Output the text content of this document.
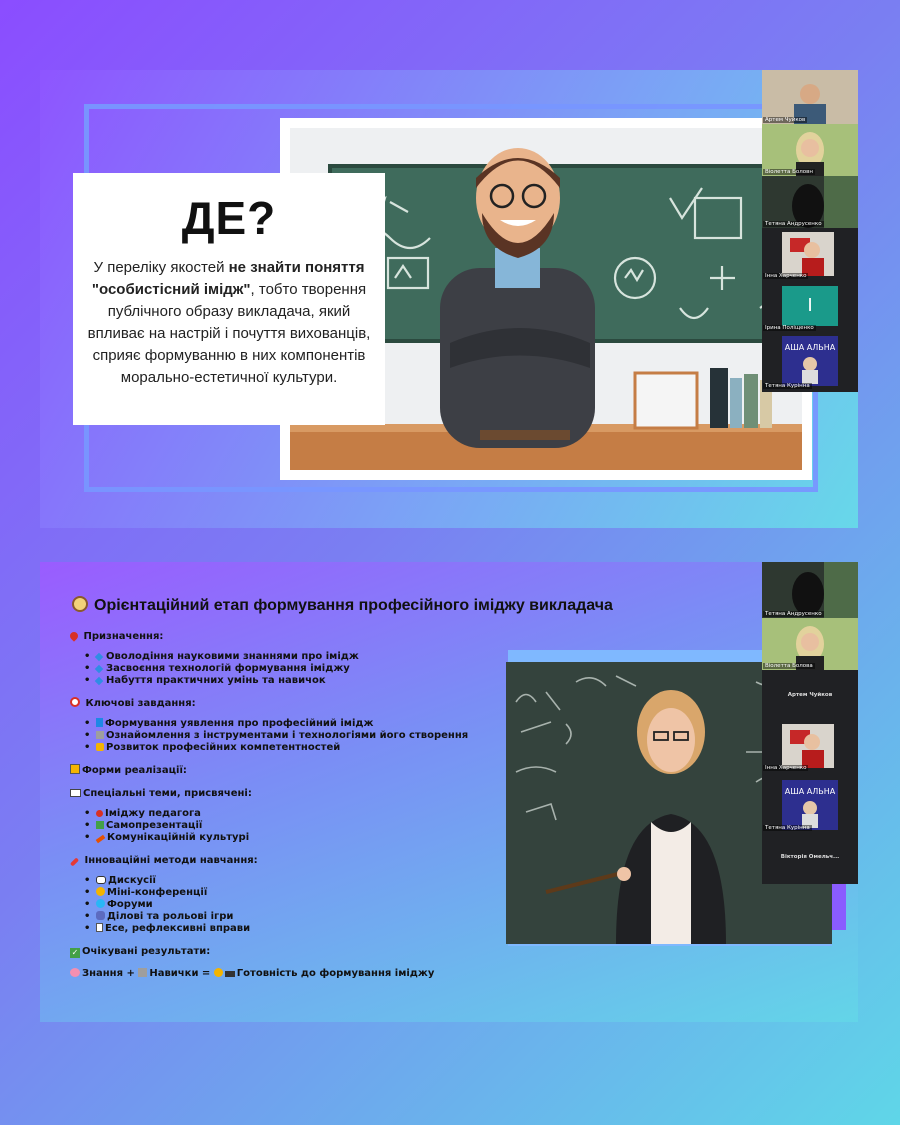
ДЕ?
У переліку якостей не знайти поняття "особистісний імідж", тобто творення публічного образу викладача, який впливає на настрій і почуття вихованців, сприяє формуванню в них компонентів морально-естетичної культури.
Артем Чуйков
Віолетта Боловн
Тетяна Андрусенко
Інна Харченко
І
Ірина Поліщенко
АША АЛЬНА
Тетяна Курінна
Орієнтаційний етап формування професійного іміджу викладача
Призначення:
• Оволодіння науковими знаннями про імідж
• Засвоєння технологій формування іміджу
• Набуття практичних умінь та навичок
Ключові завдання:
• Формування уявлення про професійний імідж
• Ознайомлення з інструментами і технологіями його створення
• Розвиток професійних компетентностей
Форми реалізації:
Спеціальні теми, присвячені:
• Іміджу педагога
• Самопрезентації
• Комунікаційній культурі
Інноваційні методи навчання:
• Дискусії
• Міні-конференції
• Форуми
• Ділові та рольові ігри
• Есе, рефлексивні вправи
✓ Очікувані результати:
Знання + Навички = Готовність до формування іміджу
Тетяна Андрусенко
Віолетта Болова
Артем Чуйков
Інна Харченко
АША АЛЬНА
Тетяна Курінна
Вікторія Омельч...
